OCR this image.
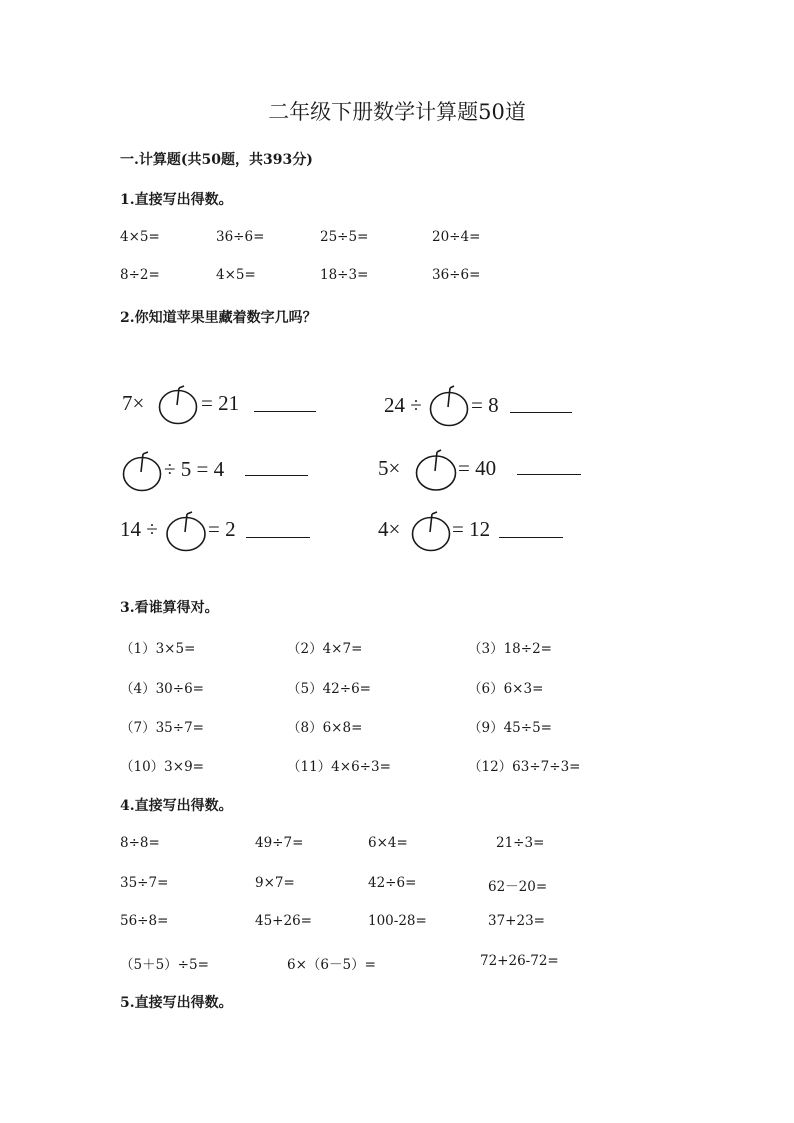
二年级下册数学计算题50道
一.计算题(共50题，共393分)
1.直接写出得数。
4×5=	36÷6=	25÷5=	20÷4=
8÷2=	4×5=	18÷3=	36÷6=
2.你知道苹果里藏着数字几吗？
7×	= 21	24 ÷ = 8
÷ 5 = 4	5×	= 40
14 ÷ = 2	4× = 12
3.看谁算得对。
（1）3×5=	（2）4×7=	（3）18÷2=
（4）30÷6=	（5）42÷6=	（6）6×3=
（7）35÷7=	（8）6×8=	（9）45÷5=
（10）3×9=	（11）4×6÷3=	（12）63÷7÷3=
4.直接写出得数。
8÷8=	49÷7=	6×4=	21÷3=
35÷7=	9×7=	42÷6=	62－20=
56÷8=	45+26=	100-28=	37+23=
（5＋5）÷5=	6×（6－5）=	72+26-72=
5.直接写出得数。
